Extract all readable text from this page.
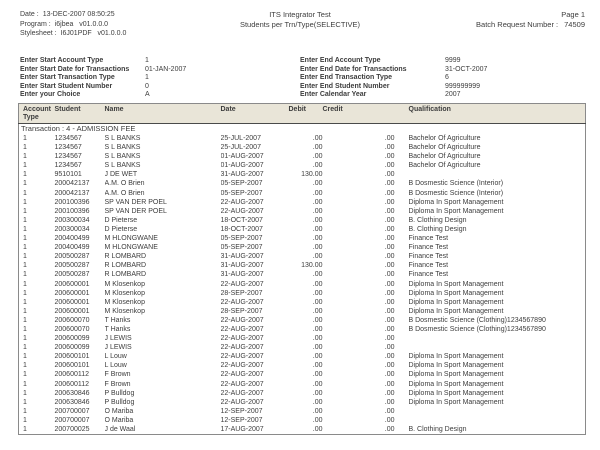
Date : 13-DEC-2007 08:50:25
Program : i6jbea   v01.0.0.0
Stylesheet : I6J01PDF   v01.0.0.0
ITS Integrator Test
Students per Trn/Type(SELECTIVE)
Page 1
Batch Request Number : 74509
Enter Start Account Type	1
Enter Start Date for Transactions	01-JAN-2007
Enter Start Transaction Type	1
Enter Start Student Number	0
Enter your Choice	A
Enter End Account Type	9999
Enter End Date for Transactions	31-OCT-2007
Enter End Transaction Type	6
Enter End Student Number	999999999
Enter Calendar Year	2007
Account Type	Student	Name	Date	Debit	Credit	Qualification
Transaction : 4 - ADMISSION FEE						
1	1234567	S L BANKS	25-JUL-2007	.00	.00	Bachelor Of Agriculture
1	1234567	S L BANKS	25-JUL-2007	.00	.00	Bachelor Of Agriculture
1	1234567	S L BANKS	01-AUG-2007	.00	.00	Bachelor Of Agriculture
1	1234567	S L BANKS	01-AUG-2007	.00	.00	Bachelor Of Agriculture
1	9510101	J DE WET	31-AUG-2007	130.00	.00	
1	200042137	A.M. O Brien	05-SEP-2007	.00	.00	B Dosmestic Science (Interior)
1	200042137	A.M. O Brien	05-SEP-2007	.00	.00	B Dosmestic Science (Interior)
1	200100396	SP VAN DER POEL	22-AUG-2007	.00	.00	Diploma In Sport Management
1	200100396	SP VAN DER POEL	22-AUG-2007	.00	.00	Diploma In Sport Management
1	200300034	D Pieterse	18-OCT-2007	.00	.00	B. Clothing Design
1	200300034	D Pieterse	18-OCT-2007	.00	.00	B. Clothing Design
1	200400499	M HLONGWANE	05-SEP-2007	.00	.00	Finance Test
1	200400499	M HLONGWANE	05-SEP-2007	.00	.00	Finance Test
1	200500287	R LOMBARD	31-AUG-2007	.00	.00	Finance Test
1	200500287	R LOMBARD	31-AUG-2007	130.00	.00	Finance Test
1	200500287	R LOMBARD	31-AUG-2007	.00	.00	Finance Test
1	200600001	M Klosenkop	22-AUG-2007	.00	.00	Diploma In Sport Management
1	200600001	M Klosenkop	28-SEP-2007	.00	.00	Diploma In Sport Management
1	200600001	M Klosenkop	22-AUG-2007	.00	.00	Diploma In Sport Management
1	200600001	M Klosenkop	28-SEP-2007	.00	.00	Diploma In Sport Management
1	200600070	T Hanks	22-AUG-2007	.00	.00	B Dosmestic Science (Clothing)1234567890
1	200600070	T Hanks	22-AUG-2007	.00	.00	B Dosmestic Science (Clothing)1234567890
1	200600099	J LEWIS	22-AUG-2007	.00	.00	
1	200600099	J LEWIS	22-AUG-2007	.00	.00	
1	200600101	L Louw	22-AUG-2007	.00	.00	Diploma In Sport Management
1	200600101	L Louw	22-AUG-2007	.00	.00	Diploma In Sport Management
1	200600112	F Brown	22-AUG-2007	.00	.00	Diploma In Sport Management
1	200600112	F Brown	22-AUG-2007	.00	.00	Diploma In Sport Management
1	200630846	P Bulldog	22-AUG-2007	.00	.00	Diploma In Sport Management
1	200630846	P Bulldog	22-AUG-2007	.00	.00	Diploma In Sport Management
1	200700007	O Mariba	12-SEP-2007	.00	.00	
1	200700007	O Mariba	12-SEP-2007	.00	.00	
1	200700025	J de Waal	17-AUG-2007	.00	.00	B. Clothing Design
